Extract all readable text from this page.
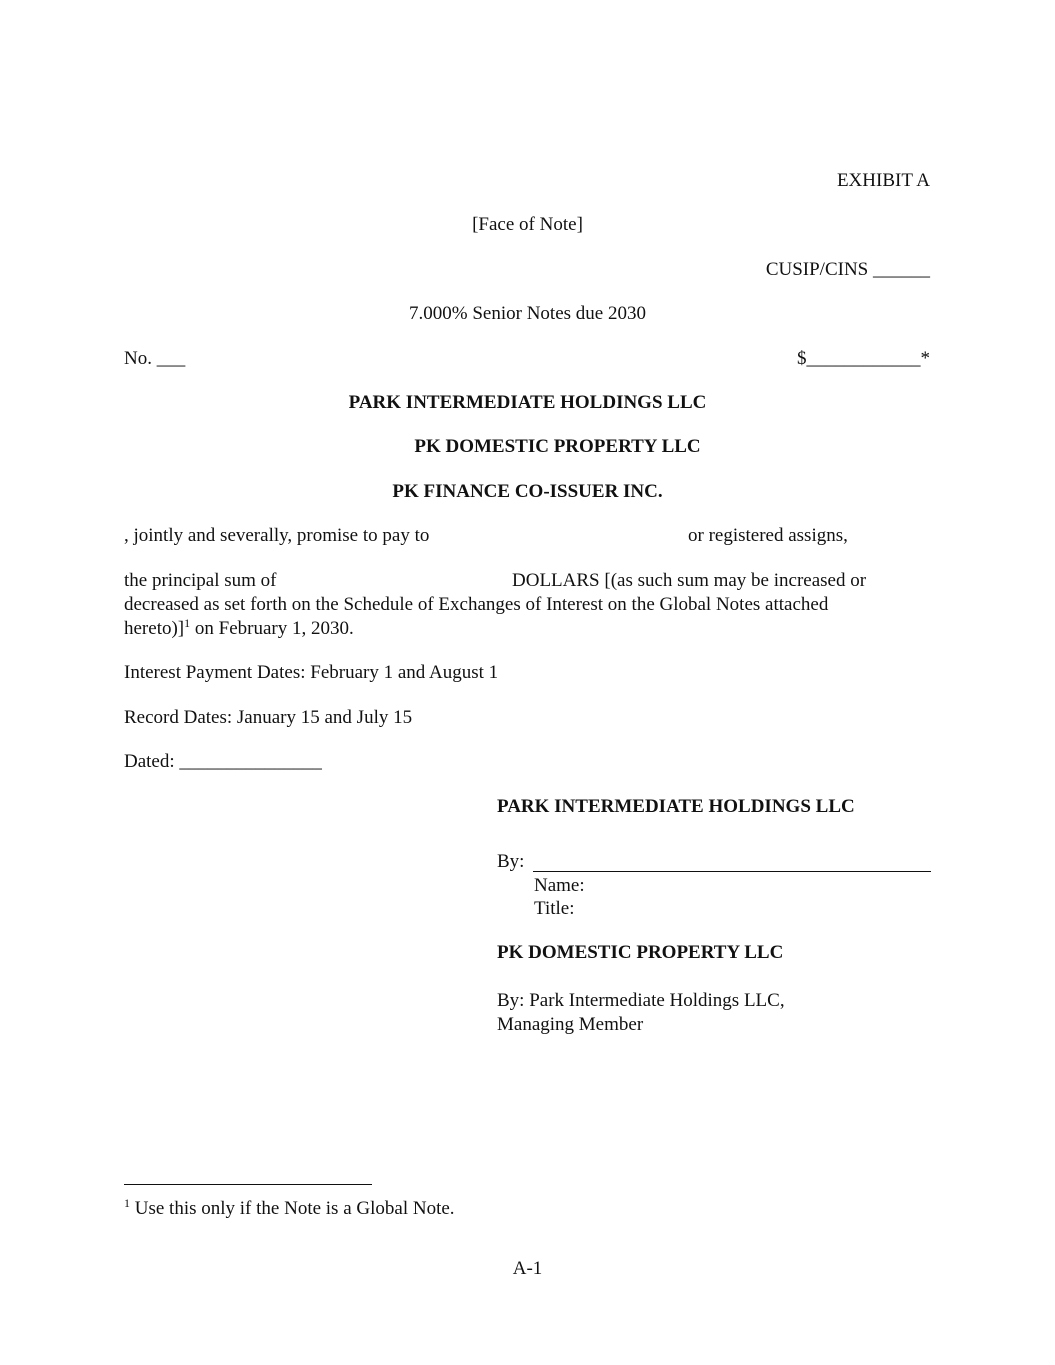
EXHIBIT A
[Face of Note]
CUSIP/CINS ______
7.000% Senior Notes due 2030
No. ___	$____________*
PARK INTERMEDIATE HOLDINGS LLC
PK DOMESTIC PROPERTY LLC
PK FINANCE CO-ISSUER INC.
, jointly and severally, promise to pay to	or registered assigns,
the principal sum of	DOLLARS [(as such sum may be increased or
decreased as set forth on the Schedule of Exchanges of Interest on the Global Notes attached
hereto)]$^1$ on February 1, 2030.
Interest Payment Dates: February 1 and August 1
Record Dates: January 15 and July 15
Dated: _______________
PARK INTERMEDIATE HOLDINGS LLC
By:
Name:
Title:
PK DOMESTIC PROPERTY LLC
By: Park Intermediate Holdings LLC,
Managing Member
$^1$ Use this only if the Note is a Global Note.
A-1
